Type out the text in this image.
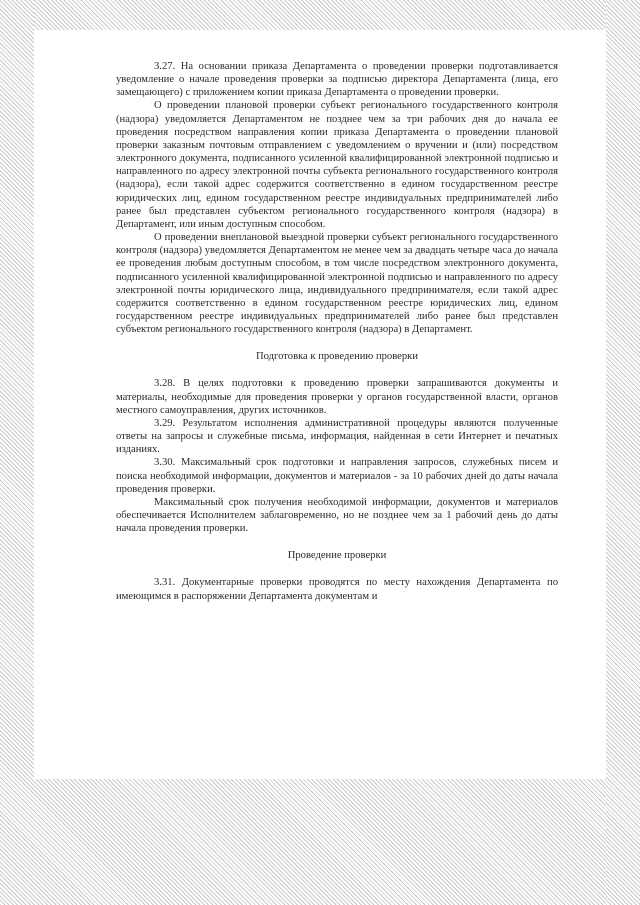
3.27. На основании приказа Департамента о проведении проверки подготавливается уведомление о начале проведения проверки за подписью директора Департамента (лица, его замещающего) с приложением копии приказа Департамента о проведении проверки.

О проведении плановой проверки субъект регионального государственного контроля (надзора) уведомляется Департаментом не позднее чем за три рабочих дня до начала ее проведения посредством направления копии приказа Департамента о проведении плановой проверки заказным почтовым отправлением с уведомлением о вручении и (или) посредством электронного документа, подписанного усиленной квалифицированной электронной подписью и направленного по адресу электронной почты субъекта регионального государственного контроля (надзора), если такой адрес содержится соответственно в едином государственном реестре юридических лиц, едином государственном реестре индивидуальных предпринимателей либо ранее был представлен субъектом регионального государственного контроля (надзора) в Департамент, или иным доступным способом.

О проведении внеплановой выездной проверки субъект регионального государственного контроля (надзора) уведомляется Департаментом не менее чем за двадцать четыре часа до начала ее проведения любым доступным способом, в том числе посредством электронного документа, подписанного усиленной квалифицированной электронной подписью и направленного по адресу электронной почты юридического лица, индивидуального предпринимателя, если такой адрес содержится соответственно в едином государственном реестре юридических лиц, едином государственном реестре индивидуальных предпринимателей либо ранее был представлен субъектом регионального государственного контроля (надзора) в Департамент.

Подготовка к проведению проверки

3.28. В целях подготовки к проведению проверки запрашиваются документы и материалы, необходимые для проведения проверки у органов государственной власти, органов местного самоуправления, других источников.

3.29. Результатом исполнения административной процедуры являются полученные ответы на запросы и служебные письма, информация, найденная в сети Интернет и печатных изданиях.

3.30. Максимальный срок подготовки и направления запросов, служебных писем и поиска необходимой информации, документов и материалов - за 10 рабочих дней до даты начала проведения проверки.

Максимальный срок получения необходимой информации, документов и материалов обеспечивается Исполнителем заблаговременно, но не позднее чем за 1 рабочий день до даты начала проведения проверки.

Проведение проверки

3.31. Документарные проверки проводятся по месту нахождения Департамента по имеющимся в распоряжении Департамента документам и
